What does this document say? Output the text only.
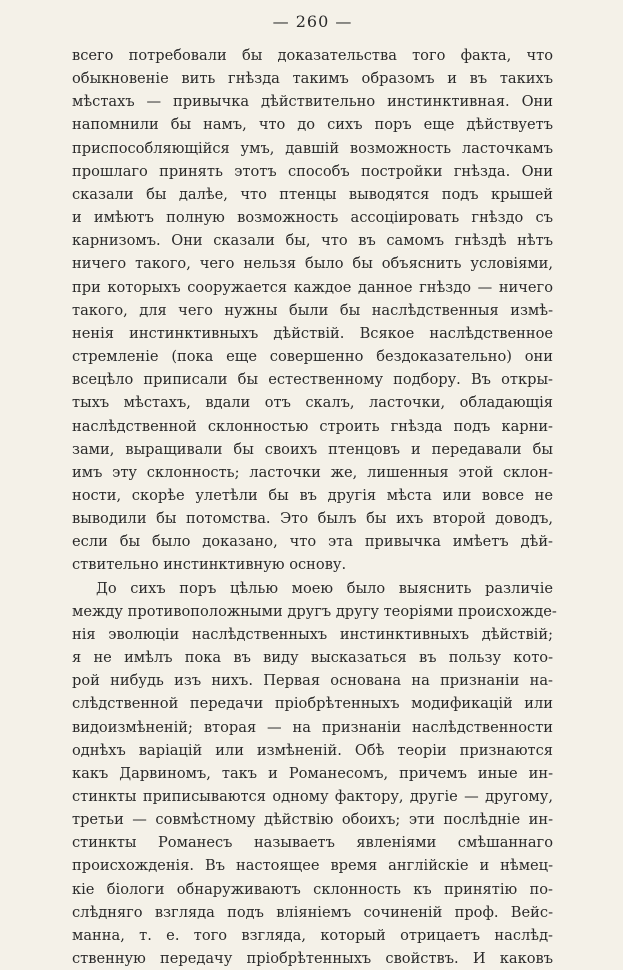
— 260 —
всего потребовали бы доказательства того факта, что
обыкновеніе вить гнѣзда такимъ образомъ и въ такихъ
мѣстахъ — привычка дѣйствительно инстинктивная. Они
напомнили бы намъ, что до сихъ поръ еще дѣйствуетъ
приспособляющійся умъ, давшій возможность ласточкамъ
прошлаго принять этотъ способъ постройки гнѣзда. Они
сказали бы далѣе, что птенцы выводятся подъ крышей
и имѣютъ полную возможность ассоціировать гнѣздо съ
карнизомъ. Они сказали бы, что въ самомъ гнѣздѣ нѣтъ
ничего такого, чего нельзя было бы объяснить условіями,
при которыхъ сооружается каждое данное гнѣздо — ничего
такого, для чего нужны были бы наслѣдственныя измѣ-
ненія инстинктивныхъ дѣйствій. Всякое наслѣдственное
стремленіе (пока еще совершенно бездоказательно) они
всецѣло приписали бы естественному подбору. Въ откры-
тыхъ мѣстахъ, вдали отъ скалъ, ласточки, обладающія
наслѣдственной склонностью строить гнѣзда подъ карни-
зами, выращивали бы своихъ птенцовъ и передавали бы
имъ эту склонность; ласточки же, лишенныя этой склон-
ности, скорѣе улетѣли бы въ другія мѣста или вовсе не
выводили бы потомства. Это былъ бы ихъ второй доводъ,
если бы было доказано, что эта привычка имѣетъ дѣй-
ствительно инстинктивную основу.
До сихъ поръ цѣлью моею было выяснить различіе
между противоположными другъ другу теоріями происхожде-
нія эволюціи наслѣдственныхъ инстинктивныхъ дѣйствій;
я не имѣлъ пока въ виду высказаться въ пользу кото-
рой нибудь изъ нихъ. Первая основана на признаніи на-
слѣдственной передачи пріобрѣтенныхъ модификацій или
видоизмѣненій; вторая — на признаніи наслѣдственности
однѣхъ варіацій или измѣненій. Обѣ теоріи признаются
какъ Дарвиномъ, такъ и Романесомъ, причемъ иные ин-
стинкты приписываются одному фактору, другіе — другому,
третьи — совмѣстному дѣйствію обоихъ; эти послѣдніе ин-
стинкты Романесъ называетъ явленіями смѣшаннаго
происхожденія. Въ настоящее время англійскіе и нѣмец-
кіе біологи обнаруживаютъ склонность къ принятію по-
слѣдняго взгляда подъ вліяніемъ сочиненій проф. Вейс-
манна, т. е. того взгляда, который отрицаетъ наслѣд-
ственную передачу пріобрѣтенныхъ свойствъ. И каковъ
